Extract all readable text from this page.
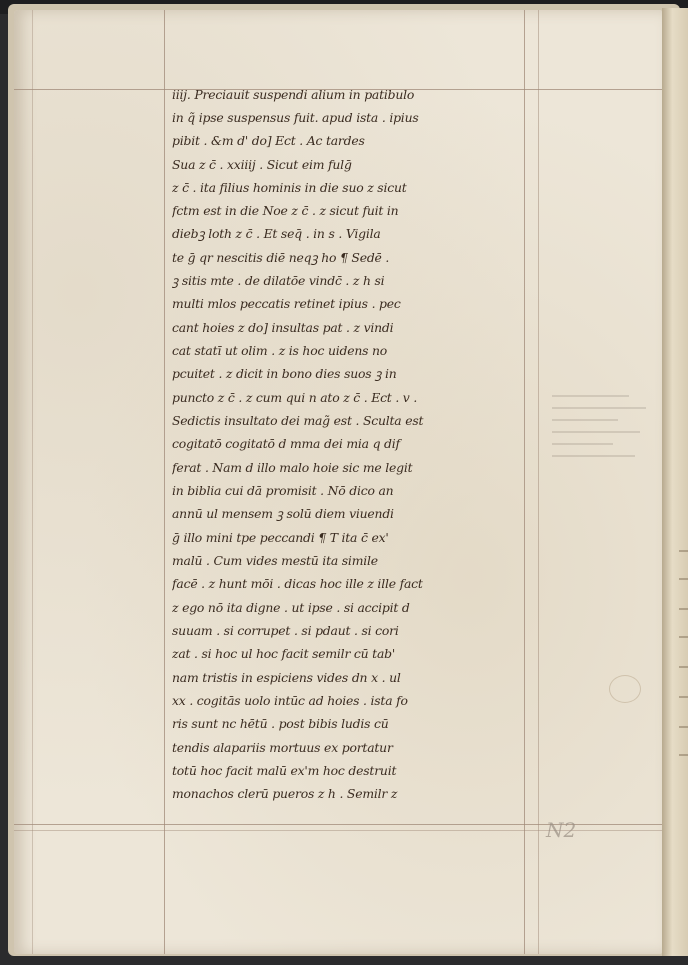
iiij. Preciauit suspendi alium in patibulo
in q̃ ipse suspensus fuit. apud ista . ipius
pibit . &m d' do] Ect . Ac tardes
Sua z c̄ . xxiiij . Sicut eim fulḡ
z c̄ . ita filius hominis in die suo z sicut
fctm est in die Noe z c̄ . z sicut fuit in
diebꝫ loth z c̄ . Et seq̄ . in s . Vigila
te ḡ qr nescitis diē neqꝫ ho ¶ Sedē .
ꝫ sitis mte . de dilatōe vindc̄ . z h si
multi mlos peccatis retinet ipius . pec
cant hoies z do] insultas pat . z vindi
cat statī ut olim . z is hoc uidens no
pcuitet . z dicit in bono dies suos ꝫ in
puncto z c̄ . z cum qui n ato z c̄ . Ect . v .
Sedictis insultato dei mag̃ est . Sculta est
cogitatō cogitatō d mma dei mia q dif
ferat . Nam d illo malo hoie sic me legit
in biblia cui dā promisit . Nō dico an
annū ul mensem ꝫ solū diem viuendi
ḡ illo mini tpe peccandi ¶ T ita c̄ ex'
malū . Cum vides mestū ita simile
facē . z hunt mōi . dicas hoc ille z ille fact
z ego nō ita digne . ut ipse . si accipit d
suuam . si corrupet . si pdaut . si cori
zat . si hoc ul hoc facit semilr cū tab'
nam tristis in espiciens vides dn x . ul
xx . cogitās uolo intūc ad hoies . ista fo
ris sunt nc hētū . post bibis ludis cū
tendis alapariis mortuus ex portatur
totū hoc facit malū ex'm hoc destruit
monachos clerū pueros z h . Semilr z
N2
